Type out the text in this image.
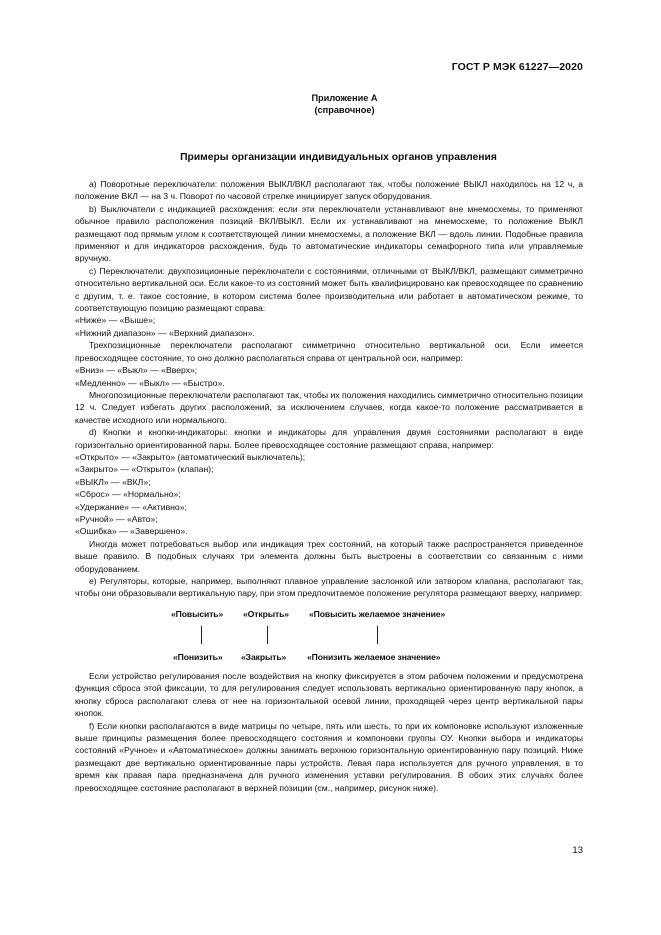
ГОСТ Р МЭК 61227—2020
Приложение А
(справочное)
Примеры организации индивидуальных органов управления

a) Поворотные переключатели: положения ВЫКЛ/ВКЛ располагают так, чтобы положение ВЫКЛ находилось на 12 ч, а положение ВКЛ — на 3 ч. Поворот по часовой стрелке инициирует запуск оборудования.

b) Выключатели с индикацией расхождения: если эти переключатели устанавливают вне мнемосхемы, то применяют обычное правило расположения позиций ВКЛ/ВЫКЛ. Если их устанавливают на мнемосхеме, то положение ВЫКЛ размещают под прямым углом к соответствующей линии мнемосхемы, а положение ВКЛ — вдоль линии. Подобные правила применяют и для индикаторов расхождения, будь то автоматические индикаторы семафорного типа или управляемые вручную.

c) Переключатели: двухпозиционные переключатели с состояниями, отличными от ВЫКЛ/ВКЛ, размещают симметрично относительно вертикальной оси. Если какое-то из состояний может быть квалифицировано как превосходящее по сравнению с другим, т. е. такое состояние, в котором система более производительна или работает в автоматическом режиме, то соответствующую позицию размещают справа:

«Ниже» — «Выше»;

«Нижний диапазон» — «Верхний диапазон».

Трехпозиционные переключатели располагают симметрично относительно вертикальной оси. Если имеется превосходящее состояние, то оно должно располагаться справа от центральной оси, например:

«Вниз» — «Выкл» — «Вверх»;

«Медленно» — «Выкл» — «Быстро».

Многопозиционные переключатели располагают так, чтобы их положения находились симметрично относительно позиции 12 ч. Следует избегать других расположений, за исключением случаев, когда какое-то положение рассматривается в качестве исходного или нормального.

d) Кнопки и кнопки-индикаторы: кнопки и индикаторы для управления двумя состояниями располагают в виде горизонтально ориентированной пары. Более превосходящее состояние размещают справа, например:

«Открыто» — «Закрыто» (автоматический выключатель);

«Закрыто» — «Открыто» (клапан);

«ВЫКЛ» — «ВКЛ»;

«Сброс» — «Нормально»;

«Удержание» — «Активно»;

«Ручной» — «Авто»;

«Ошибка» — «Завершено».

Иногда может потребоваться выбор или индикация трех состояний, на который также распространяется приведенное выше правило. В подобных случаях три элемента должны быть выстроены в соответствии со связанным с ними оборудованием.

e) Регуляторы, которые, например, выполняют плавное управление заслонкой или затвором клапана, располагают так, чтобы они образовывали вертикальную пару, при этом предпочитаемое положение регулятора размещают вверху, например:

«Повысить» «Открыть» «Повысить желаемое значение»
«Понизить» «Закрыть» «Понизить желаемое значение»

Если устройство регулирования после воздействия на кнопку фиксируется в этом рабочем положении и предусмотрена функция сброса этой фиксации, то для регулирования следует использовать вертикально ориентированную пару кнопок, а кнопку сброса располагают слева от нее на горизонтальной осевой линии, проходящей через центр вертикальной пары кнопок.

f) Если кнопки располагаются в виде матрицы по четыре, пять или шесть, то при их компоновке используют изложенные выше принципы размещения более превосходящего состояния и компоновки группы ОУ. Кнопки выбора и индикаторы состояний «Ручное» и «Автоматическое» должны занимать верхнюю горизонтальную ориентированную пару позиций. Ниже размещают две вертикально ориентированные пары устройств. Левая пара используется для ручного управления, в то время как правая пара предназначена для ручного изменения уставки регулирования. В обоих этих случаях более превосходящее состояние располагают в верхней позиции (см., например, рисунок ниже).

13
